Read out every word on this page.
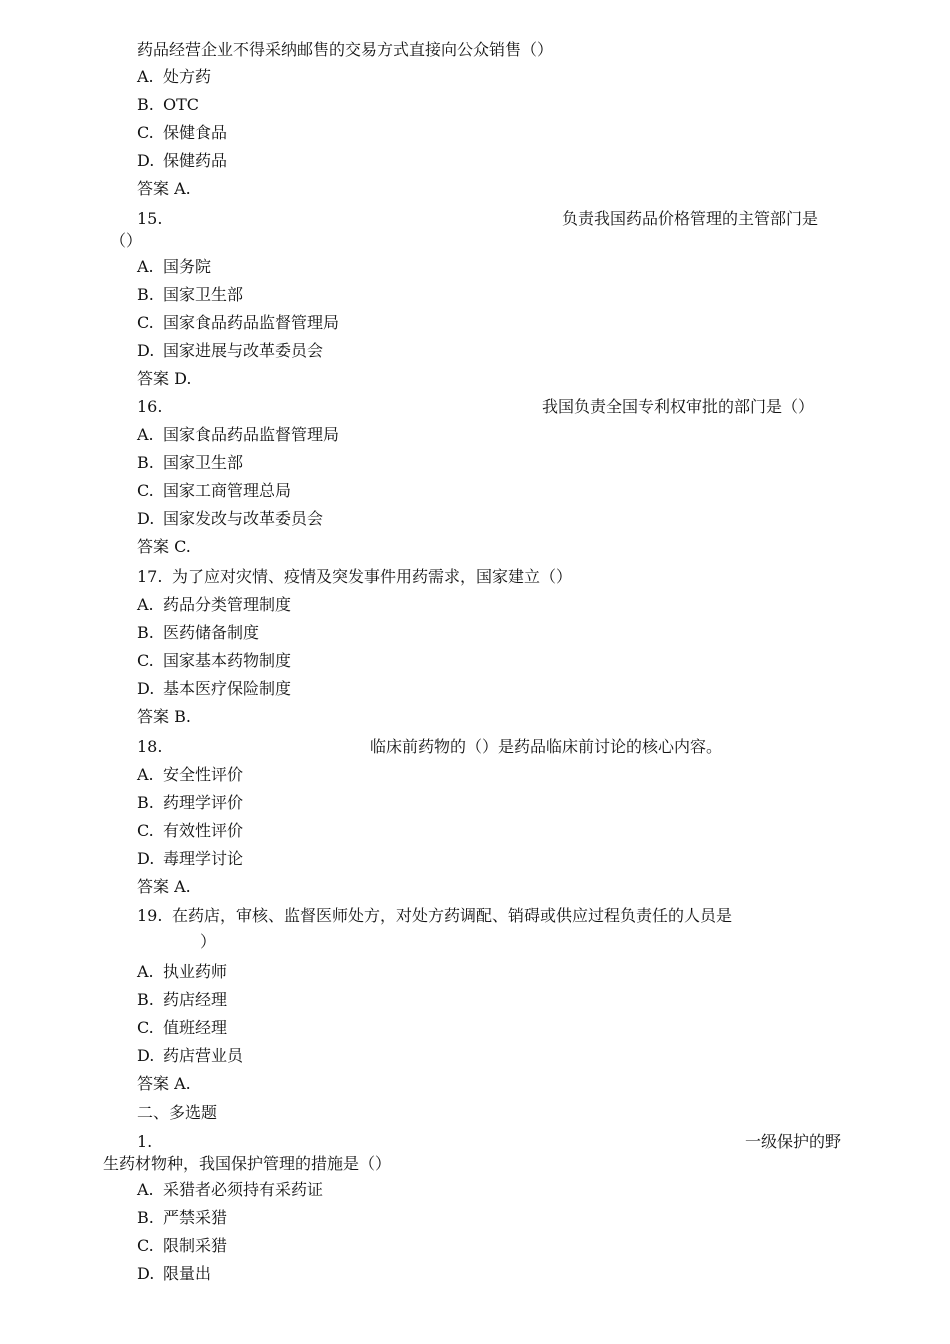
药品经营企业不得采纳邮售的交易方式直接向公众销售（）
A. 处方药
B. OTC
C. 保健食品
D. 保健药品
答案 A.
15.	负责我国药品价格管理的主管部门是
（）
A. 国务院
B. 国家卫生部
C. 国家食品药品监督管理局
D. 国家进展与改革委员会
答案 D.
16.	我国负责全国专利权审批的部门是（）
A. 国家食品药品监督管理局
B. 国家卫生部
C. 国家工商管理总局
D. 国家发改与改革委员会
答案 C.
17. 为了应对灾情、疫情及突发事件用药需求，国家建立（）
A. 药品分类管理制度
B. 医药储备制度
C. 国家基本药物制度
D. 基本医疗保险制度
答案 B.
18.	临床前药物的（）是药品临床前讨论的核心内容。
A. 安全性评价
B. 药理学评价
C. 有效性评价
D. 毒理学讨论
答案 A.
19. 在药店，审核、监督医师处方，对处方药调配、销碍或供应过程负责任的人员是
）
A. 执业药师
B. 药店经理
C. 值班经理
D. 药店营业员
答案 A.
二、多选题
1.	一级保护的野
生药材物种，我国保护管理的措施是（）
A. 采猎者必须持有采药证
B. 严禁采猎
C. 限制采猎
D. 限量出
